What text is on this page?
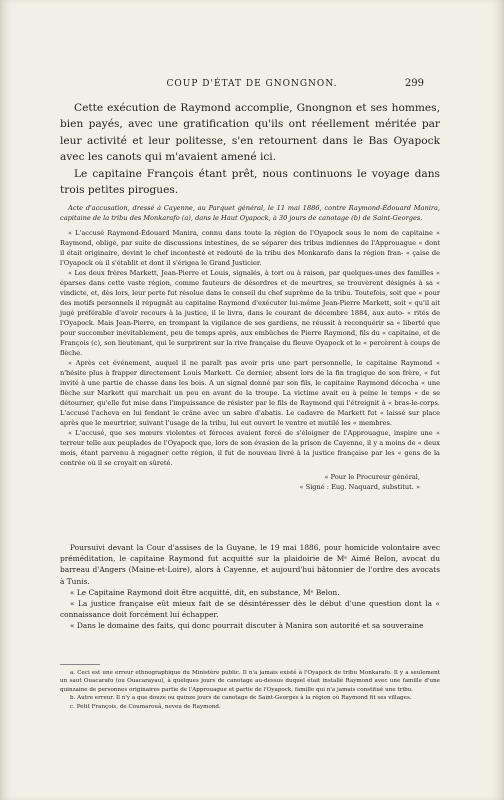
COUP D'ÉTAT DE GNONGNON.	299

Cette exécution de Raymond accomplie, Gnongnon et ses hommes, bien payés, avec une gratification qu'ils ont réellement méritée par leur activité et leur politesse, s'en retournent dans le Bas Oyapock avec les canots qui m'avaient amené ici.

Le capitaine François étant prêt, nous continuons le voyage dans trois petites pirogues.

Acte d'accusation, dressé à Cayenne, au Parquet général, le 11 mai 1886, contre Raymond-Édouard Manira, capitaine de la tribu des Monkarafo (a), dans le Haut Oyapock, à 30 jours de canotage (b) de Saint-Georges.

« L'accusé Raymond-Édouard Manira, connu dans toute la région de l'Oyapock sous le nom de capitaine « Raymond, obligé, par suite de discussions intestines, de se séparer des tribus indiennes de l'Approuague « dont il était originaire, devint le chef incontesté et redouté de la tribu des Monkarafo dans la région fran- « çaise de l'Oyapock où il s'établit et dont il s'érigea le Grand Justicier.

« Les deux frères Markett, Jean-Pierre et Louis, signalés, à tort ou à raison, par quelques-unes des familles « éparses dans cette vaste région, comme fauteurs de désordres et de meurtres, se trouvèrent désignés à sa « vindicte, et, dès lors, leur perte fut résolue dans le conseil du chef suprême de la tribu. Toutefois, soit que « pour des motifs personnels il répugnât au capitaine Raymond d'exécuter lui-même Jean-Pierre Markett, soit « qu'il ait jugé préférable d'avoir recours à la justice, il le livra, dans le courant de décembre 1884, aux auto- « rités de l'Oyapock. Mais Jean-Pierre, en trompant la vigilance de ses gardiens, ne réussit à reconquérir sa « liberté que pour succomber inévitablement, peu de temps après, aux embûches de Pierre Raymond, fils du « capitaine, et de François (c), son lieutenant, qui le surprirent sur la rive française du fleuve Oyapock et le « percèrent à coups de flèche.

« Après cet événement, auquel il ne paraît pas avoir pris une part personnelle, le capitaine Raymond « n'hésite plus à frapper directement Louis Markett. Ce dernier, absent lors de la fin tragique de son frère, « fut invité à une partie de chasse dans les bois. A un signal donné par son fils, le capitaine Raymond décocha « une flèche sur Markett qui marchait un peu en avant de la troupe. La victime avait eu à peine le temps « de se détourner, qu'elle fut mise dans l'impuissance de résister par le fils de Raymond qui l'étreignit à « bras-le-corps. L'accusé l'acheva en lui fendant le crâne avec un sabre d'abatis. Le cadavre de Markett fut « laissé sur place après que le meurtrier, suivant l'usage de la tribu, lui eut ouvert le ventre et mutilé les « membres.

« L'accusé, que ses mœurs violentes et féroces avaient forcé de s'éloigner de l'Approuague, inspire une « terreur telle aux peuplades de l'Oyapock que, lors de son évasion de la prison de Cayenne, il y a moins de « deux mois, étant parvenu à regagner cette région, il fut de nouveau livré à la justice française par les « gens de la contrée où il se croyait en sûreté.

« Pour le Procureur général,

« Signé : Eug. Naquard, substitut. »

Poursuivi devant la Cour d'assises de la Guyane, le 19 mai 1886, pour homicide volontaire avec préméditation, le capitaine Raymond fut acquitté sur la plaidoirie de Mᵉ Aimé Belon, avocat du barreau d'Angers (Maine-et-Loire), alors à Cayenne, et aujourd'hui bâtonnier de l'ordre des avocats à Tunis.

« Le Capitaine Raymond doit être acquitté, dit, en substance, Mᵉ Belon.

« La justice française eût mieux fait de se désintéresser dès le début d'une question dont la « connaissance doit forcément lui échapper.

« Dans le domaine des faits, qui donc pourrait discuter à Manira son autorité et sa souveraine

a. Ceci est une erreur ethnographique du Ministère public. Il n'a jamais existé à l'Oyapock de tribu Monkarafo. Il y a seulement un saut Ouacarafo (ou Ouacarayau), à quelques jours de canotage au-dessus duquel était installé Raymond avec une famille d'une quinzaine de personnes originaires partie de l'Approuague et partie de l'Oyapock, famille qui n'a jamais constitué une tribu.

b. Autre erreur. Il n'y a que douze ou quinze jours de canotage de Saint-Georges à la région où Raymond fit ses villages.

c. Petit François, de Coumarouâ, neveu de Raymond.
